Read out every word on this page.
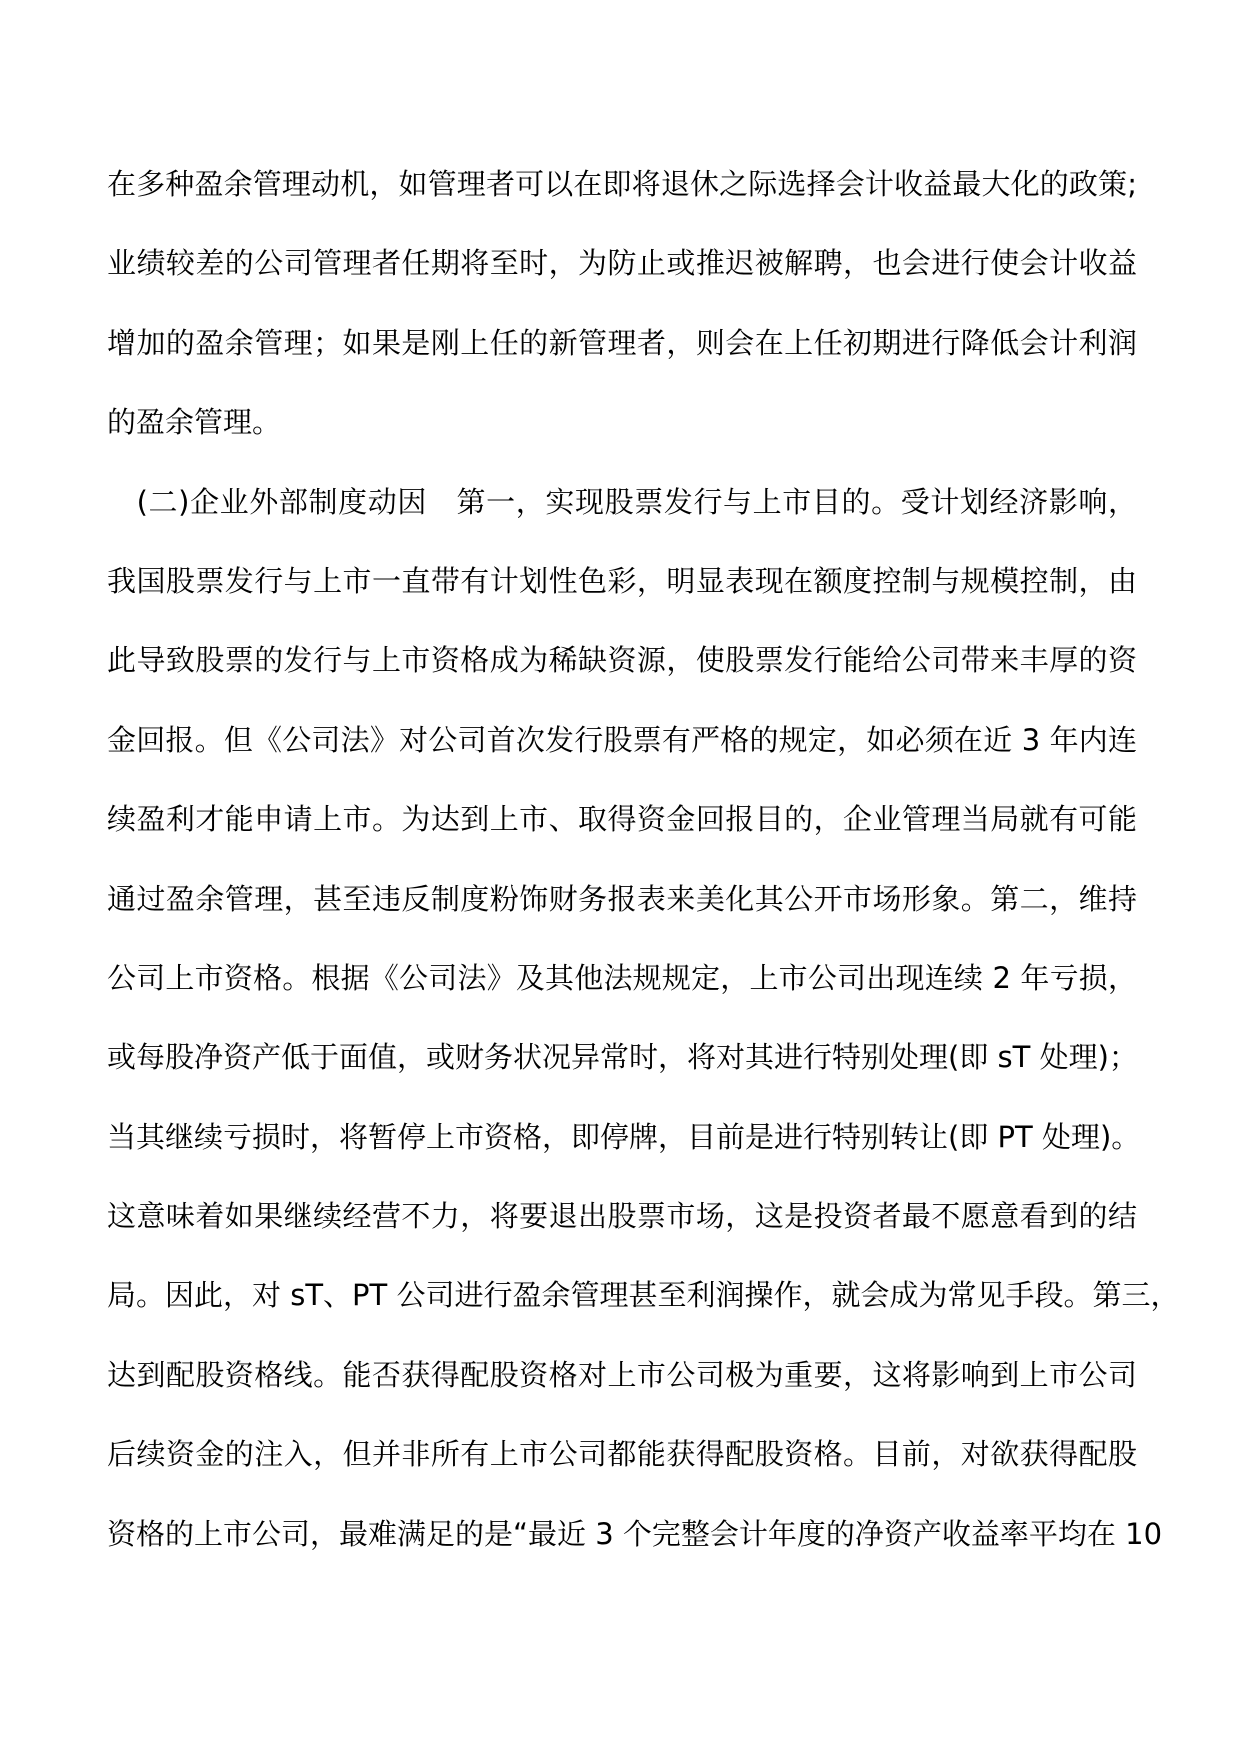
在多种盈余管理动机，如管理者可以在即将退休之际选择会计收益最大化的政策;
业绩较差的公司管理者任期将至时，为防止或推迟被解聘，也会进行使会计收益
增加的盈余管理；如果是刚上任的新管理者，则会在上任初期进行降低会计利润
的盈余管理。
　(二)企业外部制度动因　第一，实现股票发行与上市目的。受计划经济影响，
我国股票发行与上市一直带有计划性色彩，明显表现在额度控制与规模控制，由
此导致股票的发行与上市资格成为稀缺资源，使股票发行能给公司带来丰厚的资
金回报。但《公司法》对公司首次发行股票有严格的规定，如必须在近 3 年内连
续盈利才能申请上市。为达到上市、取得资金回报目的，企业管理当局就有可能
通过盈余管理，甚至违反制度粉饰财务报表来美化其公开市场形象。第二，维持
公司上市资格。根据《公司法》及其他法规规定，上市公司出现连续 2 年亏损，
或每股净资产低于面值，或财务状况异常时，将对其进行特别处理(即 sT 处理)；
当其继续亏损时，将暂停上市资格，即停牌，目前是进行特别转让(即 PT 处理)。
这意味着如果继续经营不力，将要退出股票市场，这是投资者最不愿意看到的结
局。因此，对 sT、PT 公司进行盈余管理甚至利润操作，就会成为常见手段。第三，
达到配股资格线。能否获得配股资格对上市公司极为重要，这将影响到上市公司
后续资金的注入，但并非所有上市公司都能获得配股资格。目前，对欲获得配股
资格的上市公司，最难满足的是“最近 3 个完整会计年度的净资产收益率平均在 10
